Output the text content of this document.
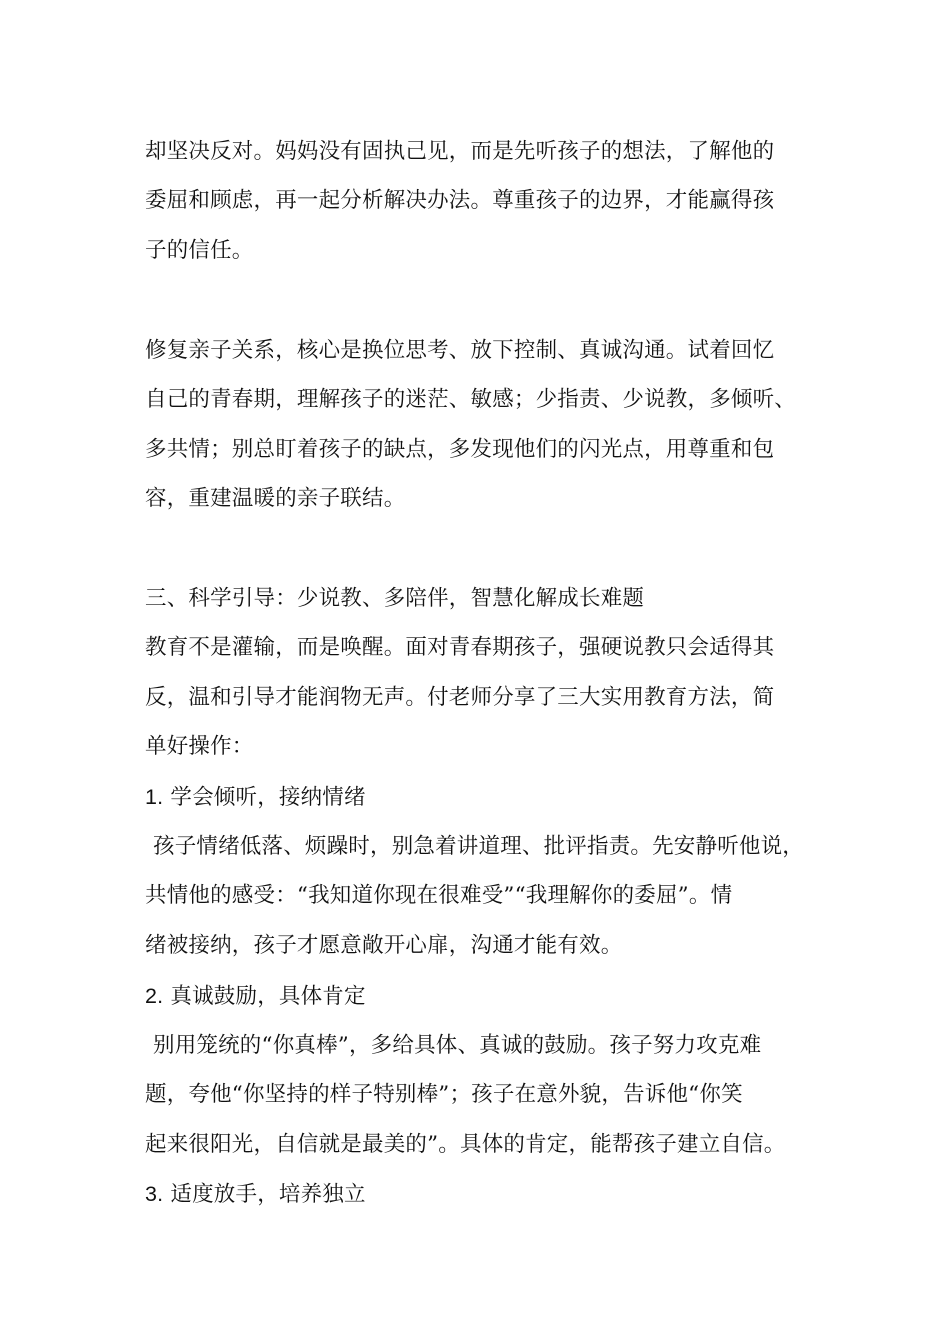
却坚决反对。妈妈没有固执己见，而是先听孩子的想法，了解他的
委屈和顾虑，再一起分析解决办法。尊重孩子的边界，才能赢得孩
子的信任。
修复亲子关系，核心是换位思考、放下控制、真诚沟通。试着回忆
自己的青春期，理解孩子的迷茫、敏感；少指责、少说教，多倾听、
多共情；别总盯着孩子的缺点，多发现他们的闪光点，用尊重和包
容，重建温暖的亲子联结。
三、科学引导：少说教、多陪伴，智慧化解成长难题
教育不是灌输，而是唤醒。面对青春期孩子，强硬说教只会适得其
反，温和引导才能润物无声。付老师分享了三大实用教育方法，简
单好操作：
1. 学会倾听，接纳情绪
孩子情绪低落、烦躁时，别急着讲道理、批评指责。先安静听他说，
共情他的感受：“我知道你现在很难受”“我理解你的委屈”。情
绪被接纳，孩子才愿意敞开心扉，沟通才能有效。
2. 真诚鼓励，具体肯定
别用笼统的“你真棒”，多给具体、真诚的鼓励。孩子努力攻克难
题，夸他“你坚持的样子特别棒”；孩子在意外貌，告诉他“你笑
起来很阳光，自信就是最美的”。具体的肯定，能帮孩子建立自信。
3. 适度放手，培养独立
